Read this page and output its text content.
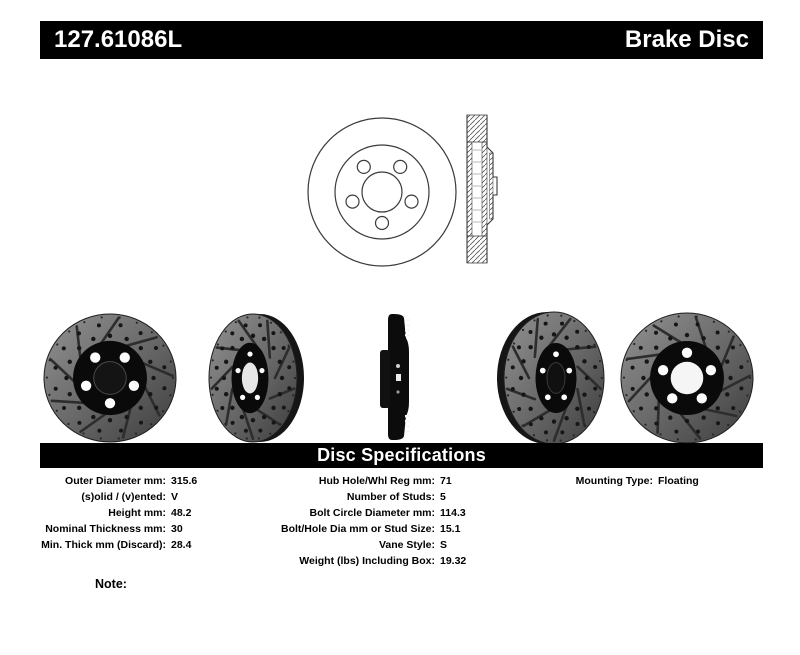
127.61086L	Brake Disc
Disc Specifications
Outer Diameter mm: 315.6
(s)olid / (v)ented: V
Height mm: 48.2
Nominal Thickness mm: 30
Min. Thick mm (Discard): 28.4
Hub Hole/Whl Reg mm: 71
Number of Studs: 5
Bolt Circle Diameter mm: 114.3
Bolt/Hole Dia mm or Stud Size: 15.1
Vane Style: S
Weight (lbs) Including Box: 19.32
Mounting Type: Floating
Note:
